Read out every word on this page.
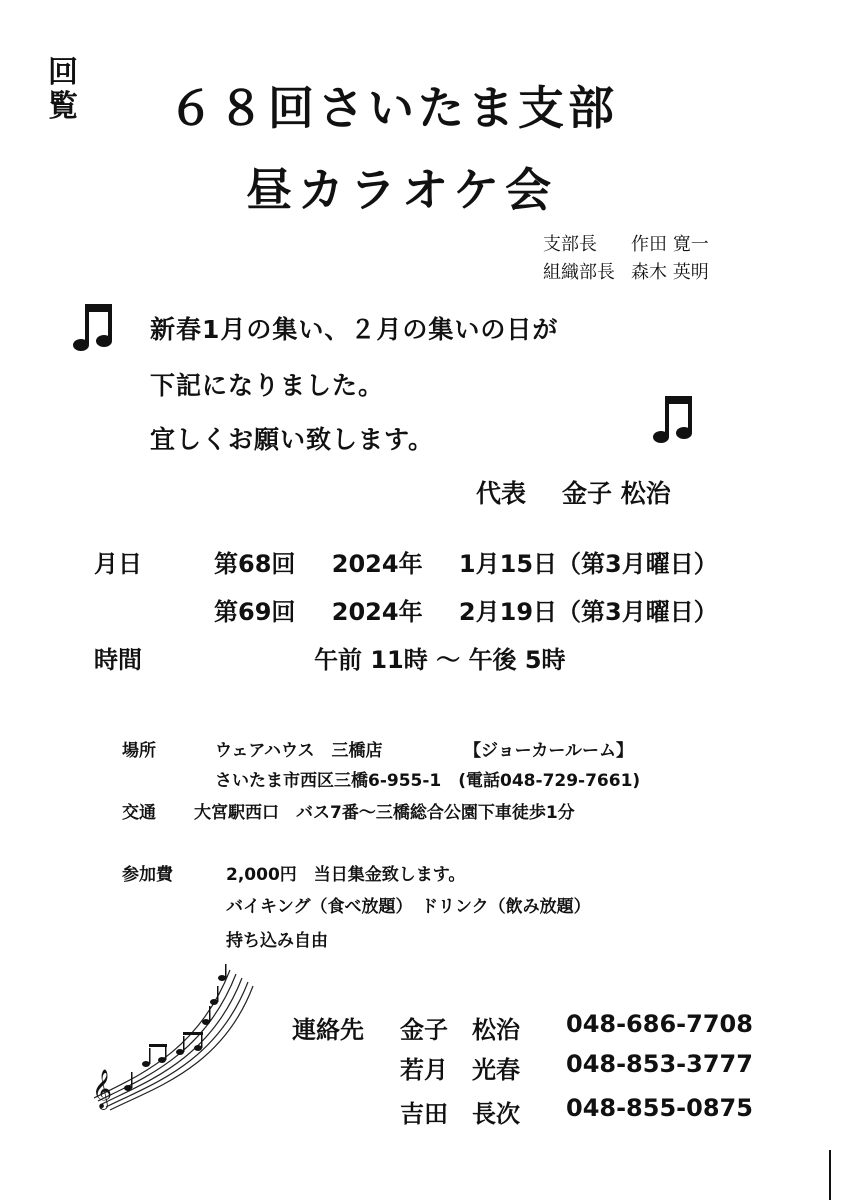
回
覧 ６８回さいたま支部
昼カラオケ会
支部長 作田 寛一
組織部長 森木 英明
新春1月の集い、２月の集いの日が
下記になりました。
宜しくお願い致します。
代表 金子 松治
月日	第68回 2024年 1月15日（第3月曜日）
第69回 2024年 2月19日（第3月曜日）
時間	午前 11時 ～ 午後 5時
場所	ウェアハウス　三橋店	【ジョーカールーム】
さいたま市西区三橋6-955-1　(電話048-729-7661)
交通 大宮駅西口　バス7番～三橋総合公園下車徒歩1分
参加費	2,000円　当日集金致します。
バイキング（食べ放題）　ドリンク（飲み放題）
持ち込み自由
𝄞
連絡先 金子　松治 048-686-7708
若月　光春 048-853-3777
吉田　長次 048-855-0875
